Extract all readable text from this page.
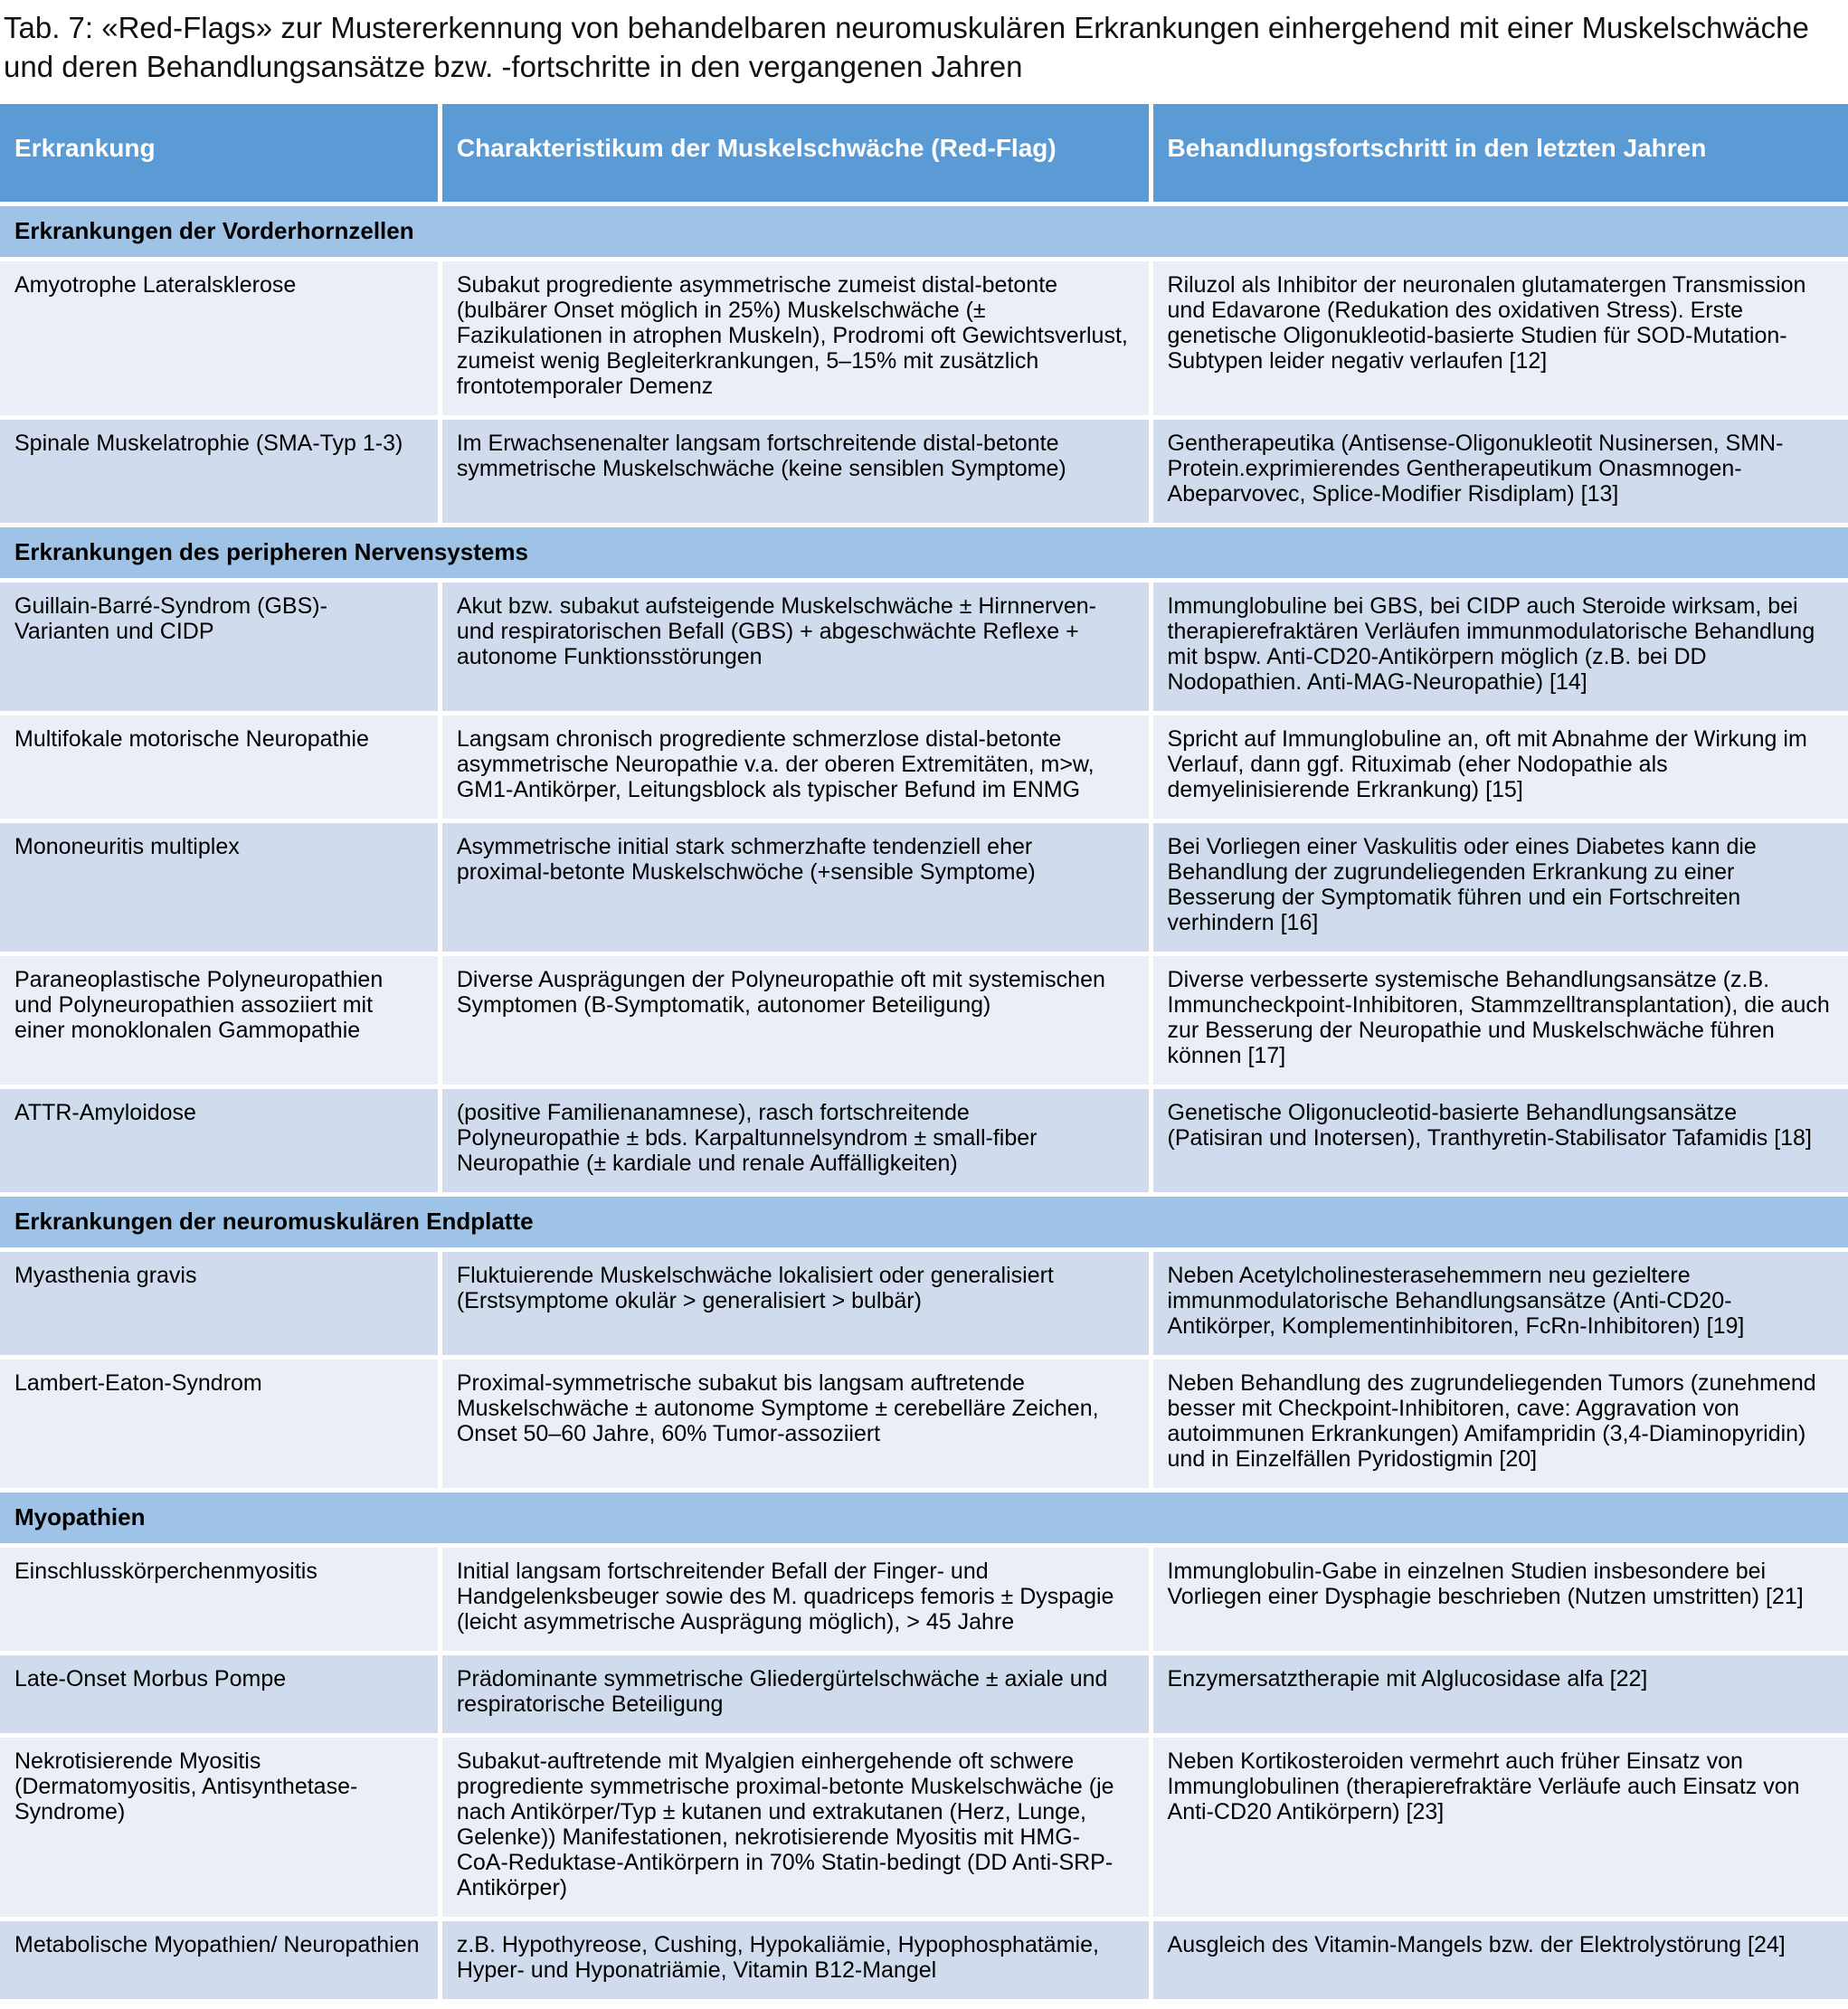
Tab. 7: «Red-Flags» zur Mustererkennung von behandelbaren neuromuskulären Erkrankungen einhergehend mit einer Muskelschwäche und deren Behandlungsansätze bzw. -fortschritte in den vergangenen Jahren
Erkrankung	Charakteristikum der Muskelschwäche (Red-Flag)	Behandlungsfortschritt in den letzten Jahren
Erkrankungen der Vorderhornzellen		
Amyotrophe Lateralsklerose	Subakut progrediente asymmetrische zumeist distal-betonte (bulbärer Onset möglich in 25%) Muskelschwäche (± Fazikulationen in atrophen Muskeln), Prodromi oft Gewichtsverlust, zumeist wenig Begleiterkrankungen, 5–15% mit zusätzlich frontotemporaler Demenz	Riluzol als Inhibitor der neuronalen glutamatergen Transmission und Edavarone (Redukation des oxidativen Stress). Erste genetische Oligonukleotid-basierte Studien für SOD-Mutation-Subtypen leider negativ verlaufen [12]
Spinale Muskelatrophie (SMA-Typ 1-3)	Im Erwachsenenalter langsam fortschreitende distal-betonte symmetrische Muskelschwäche (keine sensiblen Symptome)	Gentherapeutika (Antisense-Oligonukleotit Nusinersen, SMN-Protein.exprimierendes Gentherapeutikum Onasmnogen-Abeparvovec, Splice-Modifier Risdiplam) [13]
Erkrankungen des peripheren Nervensystems		
Guillain-Barré-Syndrom (GBS)-Varianten und CIDP	Akut bzw. subakut aufsteigende Muskelschwäche ± Hirnnerven- und respiratorischen Befall (GBS) + abgeschwächte Reflexe + autonome Funktionsstörungen	Immunglobuline bei GBS, bei CIDP auch Steroide wirksam, bei therapierefraktären Verläufen immunmodulatorische Behandlung mit bspw. Anti-CD20-Antikörpern möglich (z.B. bei DD Nodopathien. Anti-MAG-Neuropathie) [14]
Multifokale motorische Neuropathie	Langsam chronisch progrediente schmerzlose distal-betonte asymmetrische Neuropathie v.a. der oberen Extremitäten, m>w, GM1-Antikörper, Leitungsblock als typischer Befund im ENMG	Spricht auf Immunglobuline an, oft mit Abnahme der Wirkung im Verlauf, dann ggf. Rituximab (eher Nodopathie als demyelinisierende Erkrankung) [15]
Mononeuritis multiplex	Asymmetrische initial stark schmerzhafte tendenziell eher proximal-betonte Muskelschwöche (+sensible Symptome)	Bei Vorliegen einer Vaskulitis oder eines Diabetes kann die Behandlung der zugrundeliegenden Erkrankung zu einer Besserung der Symptomatik führen und ein Fortschreiten verhindern [16]
Paraneoplastische Polyneuropathien und Polyneuropathien assoziiert mit einer monoklonalen Gammopathie	Diverse Ausprägungen der Polyneuropathie oft mit systemischen Symptomen (B-Symptomatik, autonomer Beteiligung)	Diverse verbesserte systemische Behandlungsansätze (z.B. Immuncheckpoint-Inhibitoren, Stammzelltransplantation), die auch zur Besserung der Neuropathie und Muskelschwäche führen können [17]
ATTR-Amyloidose	(positive Familienanamnese), rasch fortschreitende Polyneuropathie ± bds. Karpaltunnelsyndrom ± small-fiber Neuropathie (± kardiale und renale Auffälligkeiten)	Genetische Oligonucleotid-basierte Behandlungsansätze (Patisiran und Inotersen), Tranthyretin-Stabilisator Tafamidis [18]
Erkrankungen der neuromuskulären Endplatte		
Myasthenia gravis	Fluktuierende Muskelschwäche lokalisiert oder generalisiert (Erstsymptome okulär > generalisiert > bulbär)	Neben Acetylcholinesterasehemmern neu gezieltere immunmodulatorische Behandlungsansätze (Anti-CD20-Antikörper, Komplementinhibitoren, FcRn-Inhibitoren) [19]
Lambert-Eaton-Syndrom	Proximal-symmetrische subakut bis langsam auftretende Muskelschwäche ± autonome Symptome ± cerebelläre Zeichen, Onset 50–60 Jahre, 60% Tumor-assoziiert	Neben Behandlung des zugrundeliegenden Tumors (zunehmend besser mit Checkpoint-Inhibitoren, cave: Aggravation von autoimmunen Erkrankungen) Amifampridin (3,4-Diaminopyridin) und in Einzelfällen Pyridostigmin [20]
Myopathien		
Einschlusskörperchenmyositis	Initial langsam fortschreitender Befall der Finger- und Handgelenksbeuger sowie des M. quadriceps femoris ± Dyspagie (leicht asymmetrische Ausprägung möglich), > 45 Jahre	Immunglobulin-Gabe in einzelnen Studien insbesondere bei Vorliegen einer Dysphagie beschrieben (Nutzen umstritten) [21]
Late-Onset Morbus Pompe	Prädominante symmetrische Gliedergürtelschwäche ± axiale und respiratorische Beteiligung	Enzymersatztherapie mit Alglucosidase alfa [22]
Nekrotisierende Myositis (Dermatomyositis, Antisynthetase-Syndrome)	Subakut-auftretende mit Myalgien einhergehende oft schwere progrediente symmetrische proximal-betonte Muskelschwäche (je nach Antikörper/Typ ± kutanen und extrakutanen (Herz, Lunge, Gelenke)) Manifestationen, nekrotisierende Myositis mit HMG-CoA-Reduktase-Antikörpern in 70% Statin-bedingt (DD Anti-SRP-Antikörper)	Neben Kortikosteroiden vermehrt auch früher Einsatz von Immunglobulinen (therapierefraktäre Verläufe auch Einsatz von Anti-CD20 Antikörpern) [23]
Metabolische Myopathien/ Neuropathien	z.B. Hypothyreose, Cushing, Hypokaliämie, Hypophosphatämie, Hyper- und Hyponatriämie, Vitamin B12-Mangel	Ausgleich des Vitamin-Mangels bzw. der Elektrolystörung [24]
